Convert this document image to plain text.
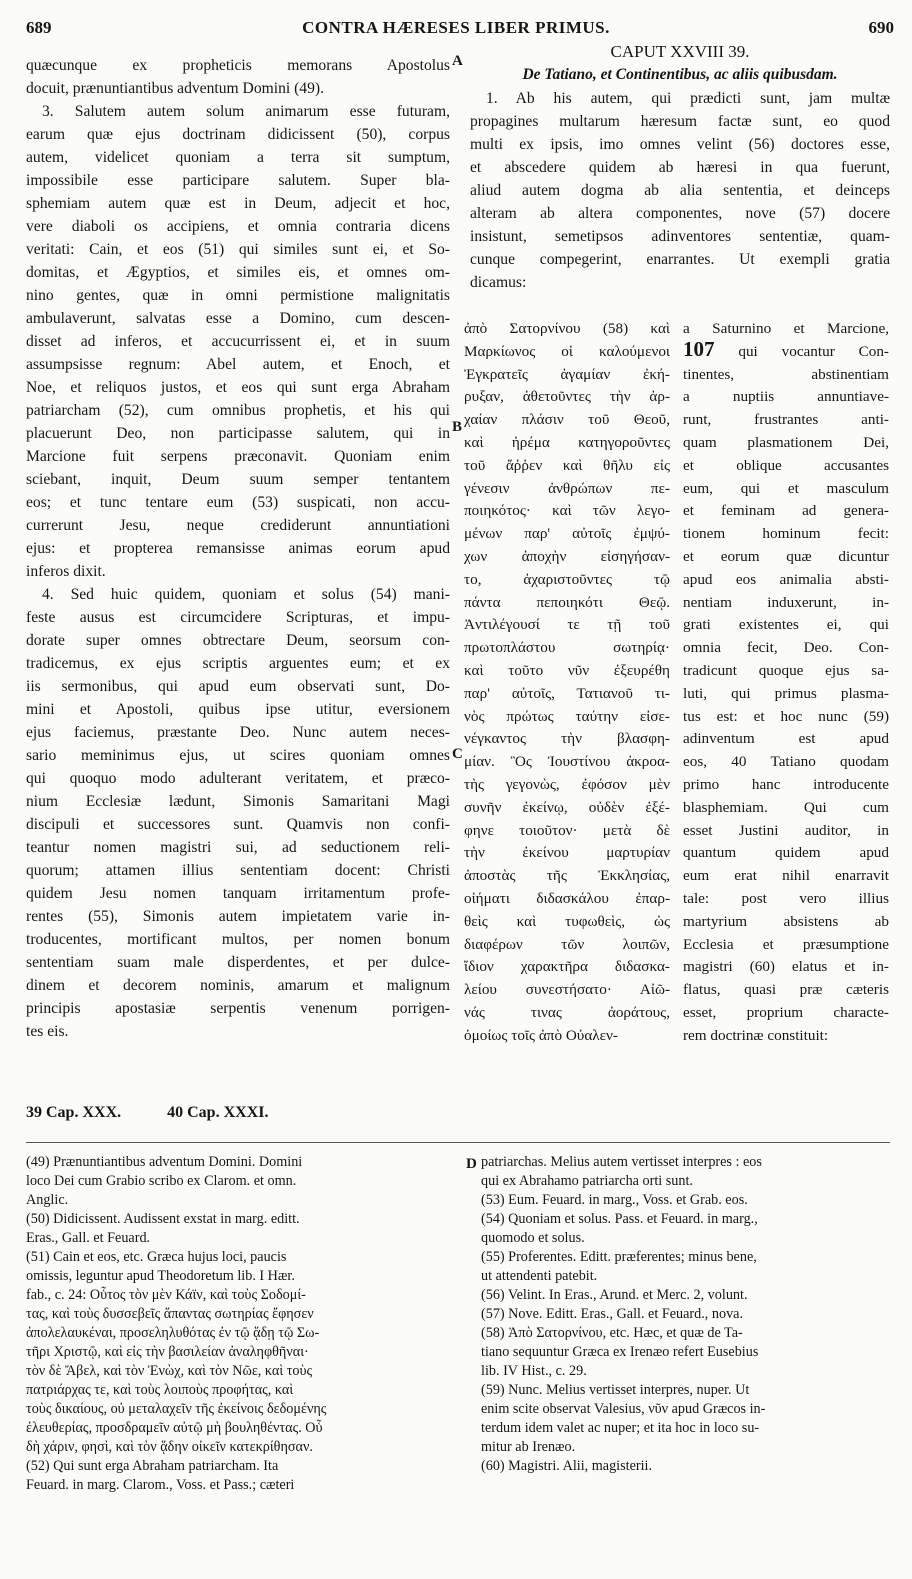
CONTRA HÆRESES LIBER PRIMUS.
689	690
quæcunque ex propheticis memorans Apostolus
docuit, prænuntiantibus adventum Domini (49).
3. Salutem autem solum animarum esse futuram,
earum quæ ejus doctrinam didicissent (50), corpus
autem, videlicet quoniam a terra sit sumptum,
impossibile esse participare salutem. Super bla-
sphemiam autem quæ est in Deum, adjecit et hoc,
vere diaboli os accipiens, et omnia contraria dicens
veritati: Cain, et eos (51) qui similes sunt ei, et So-
domitas, et Ægyptios, et similes eis, et omnes om-
nino gentes, quæ in omni permistione malignitatis
ambulaverunt, salvatas esse a Domino, cum descen-
disset ad inferos, et accucurrissent ei, et in suum
assumpsisse regnum: Abel autem, et Enoch, et
Noe, et reliquos justos, et eos qui sunt erga Abraham
patriarcham (52), cum omnibus prophetis, et his qui
placuerunt Deo, non participasse salutem, qui in
Marcione fuit serpens præconavit. Quoniam enim
sciebant, inquit, Deum suum semper tentantem
eos; et tunc tentare eum (53) suspicati, non accu-
currerunt Jesu, neque crediderunt annuntiationi
ejus: et propterea remansisse animas eorum apud
inferos dixit.
4. Sed huic quidem, quoniam et solus (54) mani-
feste ausus est circumcidere Scripturas, et impu-
dorate super omnes obtrectare Deum, seorsum con-
tradicemus, ex ejus scriptis arguentes eum; et ex
iis sermonibus, qui apud eum observati sunt, Do-
mini et Apostoli, quibus ipse utitur, eversionem
ejus faciemus, præstante Deo. Nunc autem neces-
sario meminimus ejus, ut scires quoniam omnes
qui quoquo modo adulterant veritatem, et præco-
nium Ecclesiæ lædunt, Simonis Samaritani Magi
discipuli et successores sunt. Quamvis non confi-
teantur nomen magistri sui, ad seductionem reli-
quorum; attamen illius sententiam docent: Christi
quidem Jesu nomen tanquam irritamentum profe-
rentes (55), Simonis autem impietatem varie in-
troducentes, mortificant multos, per nomen bonum
sententiam suam male disperdentes, et per dulce-
dinem et decorem nominis, amarum et malignum
principis apostasiæ serpentis venenum porrigen-
tes eis.
CAPUT XXVIII 39.
De Tatiano, et Continentibus, ac aliis quibusdam.
1. Ab his autem, qui prædicti sunt, jam multæ
propagines multarum hæresum factæ sunt, eo quod
multi ex ipsis, imo omnes velint (56) doctores esse,
et abscedere quidem ab hæresi in qua fuerunt,
aliud autem dogma ab alia sententia, et deinceps
alteram ab altera componentes, nove (57) docere
insistunt, semetipsos adinventores sententiæ, quam-
cunque compegerint, enarrantes. Ut exempli gratia
dicamus:
ἀπὸ Σατορνίνου (58) καὶ
Μαρκίωνος οἱ καλούμενοι
Ἐγκρατεῖς ἀγαμίαν ἐκή-
ρυξαν, ἀθετοῦντες τὴν ἀρ-
χαίαν πλάσιν τοῦ Θεοῦ,
καὶ ἠρέμα κατηγοροῦντες
τοῦ ἄῤῥεν καὶ θῆλυ εἰς
γένεσιν ἀνθρώπων πε-
ποιηκότος· καὶ τῶν λεγο-
μένων παρ' αὐτοῖς ἐμψύ-
χων ἀποχὴν εἰσηγήσαν-
το, ἀχαριστοῦντες τῷ
πάντα πεποιηκότι Θεῷ.
Ἀντιλέγουσί τε τῇ τοῦ
πρωτοπλάστου σωτηρίᾳ·
καὶ τοῦτο νῦν ἐξευρέθη
παρ' αὐτοῖς, Τατιανοῦ τι-
νὸς πρώτως ταύτην εἰσε-
νέγκαντος τὴν βλασφη-
μίαν. Ὃς Ἰουστίνου ἀκροα-
τὴς γεγονὼς, ἐφόσον μὲν
συνῆν ἐκείνῳ, οὐδὲν ἐξέ-
φηνε τοιοῦτον· μετὰ δὲ
τὴν ἐκείνου μαρτυρίαν
ἀποστὰς τῆς Ἐκκλησίας,
οἰήματι διδασκάλου ἐπαρ-
θεὶς καὶ τυφωθεὶς, ὡς
διαφέρων τῶν λοιπῶν,
ἴδιον χαρακτῆρα διδασκα-
λείου συνεστήσατο· Αἰῶ-
νάς τινας ἀοράτους,
ὁμοίως τοῖς ἀπὸ Οὐαλεν-
a Saturnino et Marcione,
107 qui vocantur Con-
tinentes, abstinentiam
a nuptiis annuntiave-
runt, frustrantes anti-
quam plasmationem Dei,
et oblique accusantes
eum, qui et masculum
et feminam ad genera-
tionem hominum fecit:
et eorum quæ dicuntur
apud eos animalia absti-
nentiam induxerunt, in-
grati existentes ei, qui
omnia fecit, Deo. Con-
tradicunt quoque ejus sa-
luti, qui primus plasma-
tus est: et hoc nunc (59)
adinventum est apud
eos, 40 Tatiano quodam
primo hanc introducente
blasphemiam. Qui cum
esset Justini auditor, in
quantum quidem apud
eum erat nihil enarravit
tale: post vero illius
martyrium absistens ab
Ecclesia et præsumptione
magistri (60) elatus et in-
flatus, quasi præ cæteris
esset, proprium characte-
rem doctrinæ constituit:
A
B
C
D
39 Cap. XXX.	40 Cap. XXXI.
(49) Prænuntiantibus adventum Domini. Domini
loco Dei cum Grabio scribo ex Clarom. et omn.
Anglic.
(50) Didicissent. Audissent exstat in marg. editt.
Eras., Gall. et Feuard.
(51) Cain et eos, etc. Græca hujus loci, paucis
omissis, leguntur apud Theodoretum lib. I Hær.
fab., c. 24: Οὗτος τὸν μὲν Κάϊν, καὶ τοὺς Σοδομί-
τας, καὶ τοὺς δυσσεβεῖς ἅπαντας σωτηρίας ἔφησεν
ἀπολελαυκέναι, προσεληλυθότας ἐν τῷ ᾅδῃ τῷ Σω-
τῆρι Χριστῷ, καὶ εἰς τὴν βασιλείαν ἀναληφθῆναι·
τὸν δὲ Ἄβελ, καὶ τὸν Ἐνὼχ, καὶ τὸν Νῶε, καὶ τοὺς
πατριάρχας τε, καὶ τοὺς λοιποὺς προφήτας, καὶ
τοὺς δικαίους, οὐ μεταλαχεῖν τῆς ἐκείνοις δεδομένης
ἐλευθερίας, προσδραμεῖν αὐτῷ μὴ βουληθέντας. Οὗ
δὴ χάριν, φησὶ, καὶ τὸν ᾅδην οἰκεῖν κατεκρίθησαν.
(52) Qui sunt erga Abraham patriarcham. Ita
Feuard. in marg. Clarom., Voss. et Pass.; cæteri
patriarchas. Melius autem vertisset interpres : eos
qui ex Abrahamo patriarcha orti sunt.
(53) Eum. Feuard. in marg., Voss. et Grab. eos.
(54) Quoniam et solus. Pass. et Feuard. in marg.,
quomodo et solus.
(55) Proferentes. Editt. præferentes; minus bene,
ut attendenti patebit.
(56) Velint. In Eras., Arund. et Merc. 2, volunt.
(57) Nove. Editt. Eras., Gall. et Feuard., nova.
(58) Ἀπὸ Σατορνίνου, etc. Hæc, et quæ de Ta-
tiano sequuntur Græca ex Irenæo refert Eusebius
lib. IV Hist., c. 29.
(59) Nunc. Melius vertisset interpres, nuper. Ut
enim scite observat Valesius, νῦν apud Græcos in-
terdum idem valet ac nuper; et ita hoc in loco su-
mitur ab Irenæo.
(60) Magistri. Alii, magisterii.
